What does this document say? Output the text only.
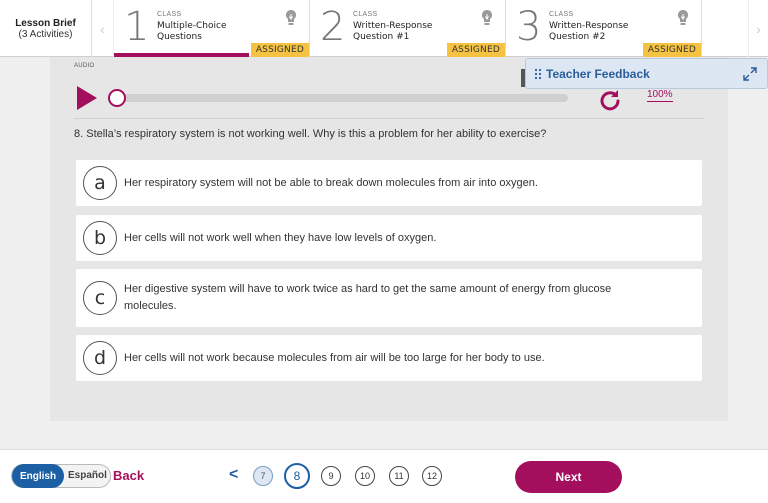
Lesson Brief
(3 Activities)	‹ 1 CLASS
Multiple-Choice Questions
ASSIGNED 2 CLASS
Written-Response Question #1
ASSIGNED 3 CLASS
Written-Response Question #2
ASSIGNED
›
AUDIO
100%
8. Stella’s respiratory system is not working well. Why is this a problem for her ability to exercise?
a	Her respiratory system will not be able to break down molecules from air into oxygen.
b	Her cells will not work well when they have low levels of oxygen.
c	Her digestive system will have to work twice as hard to get the same amount of energy from glucose molecules.
d	Her cells will not work because molecules from air will be too large for her body to use.
Teacher Feedback
English	Español Back	<	7	8	9	10	11	12	Next
